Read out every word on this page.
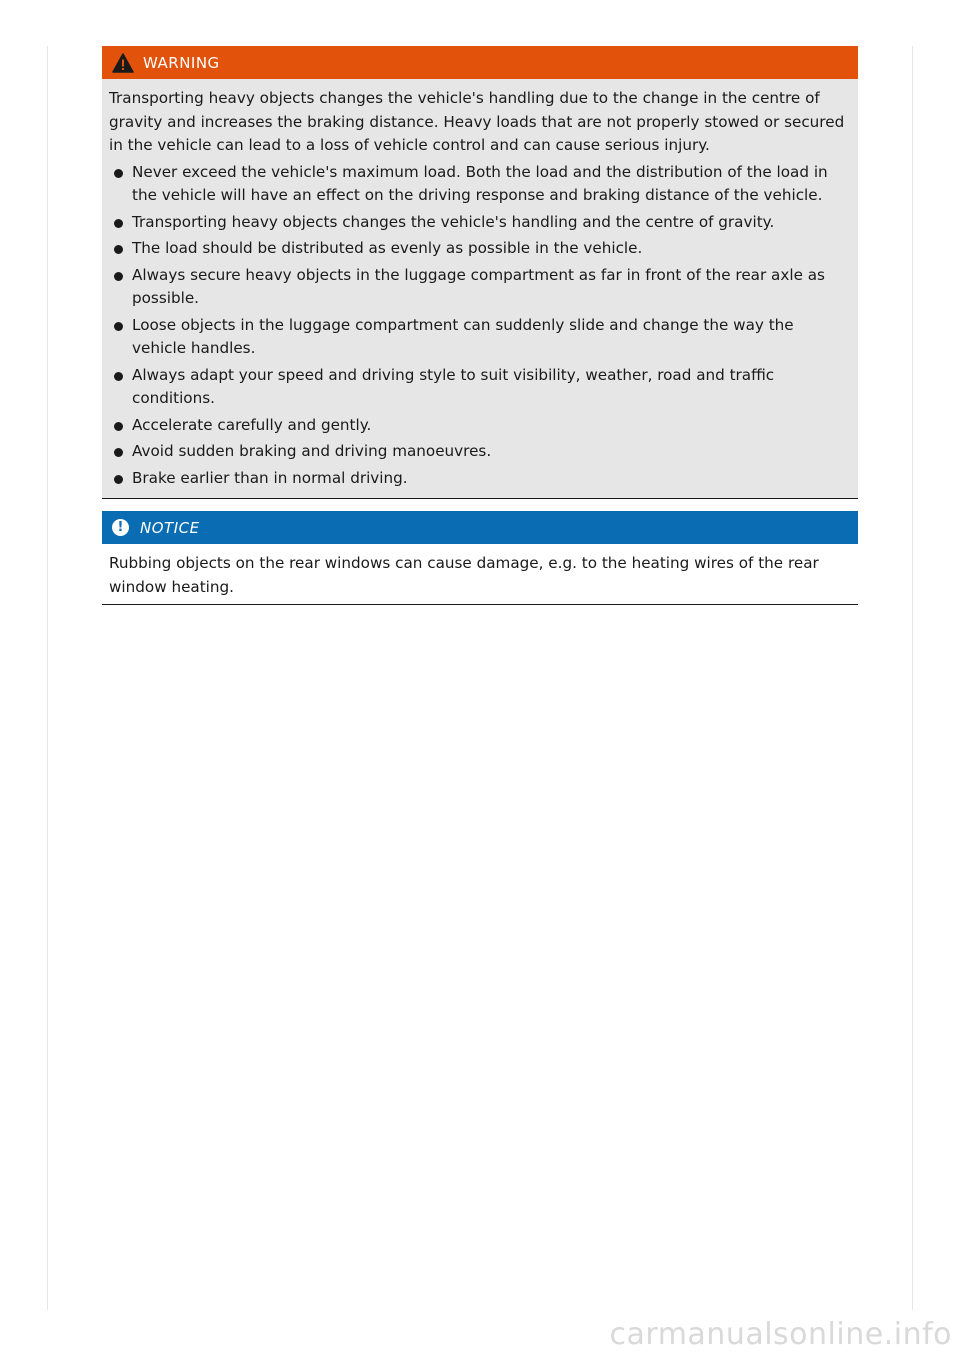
WARNING

Transporting heavy objects changes the vehicle's handling due to the change in the centre of gravity and increases the braking distance. Heavy loads that are not properly stowed or secured in the vehicle can lead to a loss of vehicle control and can cause serious injury.

Never exceed the vehicle's maximum load. Both the load and the distribution of the load in the vehicle will have an effect on the driving response and braking distance of the vehicle.
Transporting heavy objects changes the vehicle's handling and the centre of gravity.
The load should be distributed as evenly as possible in the vehicle.
Always secure heavy objects in the luggage compartment as far in front of the rear axle as possible.
Loose objects in the luggage compartment can suddenly slide and change the way the vehicle handles.
Always adapt your speed and driving style to suit visibility, weather, road and traffic conditions.
Accelerate carefully and gently.
Avoid sudden braking and driving manoeuvres.
Brake earlier than in normal driving.
!	NOTICE

Rubbing objects on the rear windows can cause damage, e.g. to the heating wires of the rear window heating.

carmanualsonline.info
